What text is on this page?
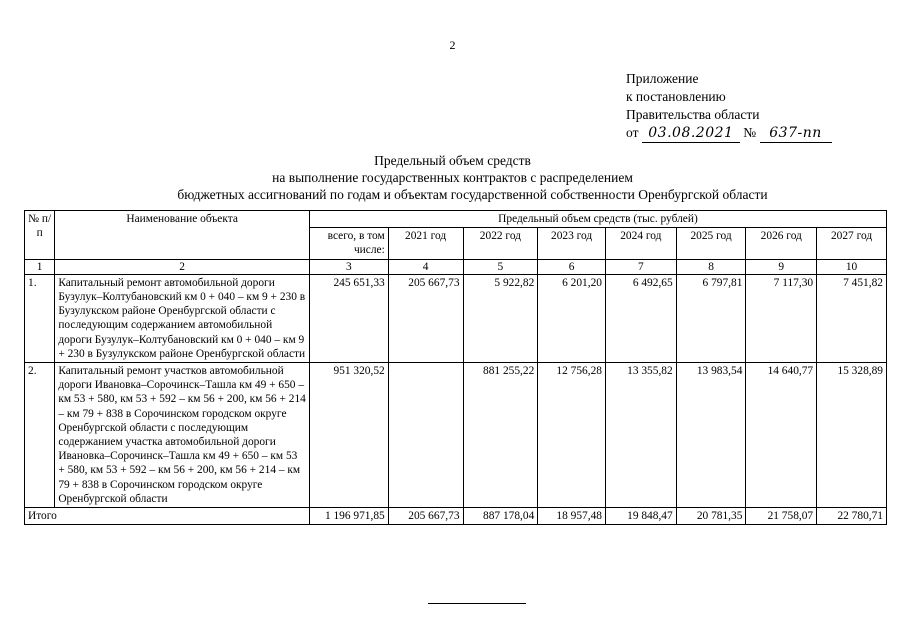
2
Приложение
к постановлению
Правительства области
от 03.08.2021 № 637-пп
Предельный объем средств
на выполнение государственных контрактов с распределением
бюджетных ассигнований по годам и объектам государственной собственности Оренбургской области
№ п/п	Наименование объекта	Предельный объем средств (тыс. рублей)							
		всего, в том числе:	2021 год	2022 год	2023 год	2024 год	2025 год	2026 год	2027 год
1	2	3	4	5	6	7	8	9	10
1.	Капитальный ремонт автомобильной дороги Бузулук–Колтубановский км 0 + 040 – км 9 + 230 в Бузулукском районе Оренбургской области с последующим содержанием автомобильной дороги Бузулук–Колтубановский км 0 + 040 – км 9 + 230 в Бузулукском районе Оренбургской области	245 651,33	205 667,73	5 922,82	6 201,20	6 492,65	6 797,81	7 117,30	7 451,82
2.	Капитальный ремонт участков автомобильной дороги Ивановка–Сорочинск–Ташла км 49 + 650 – км 53 + 580, км 53 + 592 – км 56 + 200, км 56 + 214 – км 79 + 838 в Сорочинском городском округе Оренбургской области с последующим содержанием участка автомобильной дороги Ивановка–Сорочинск–Ташла км 49 + 650 – км 53 + 580, км 53 + 592 – км 56 + 200, км 56 + 214 – км 79 + 838 в Сорочинском городском округе Оренбургской области	951 320,52		881 255,22	12 756,28	13 355,82	13 983,54	14 640,77	15 328,89
Итого		1 196 971,85	205 667,73	887 178,04	18 957,48	19 848,47	20 781,35	21 758,07	22 780,71
